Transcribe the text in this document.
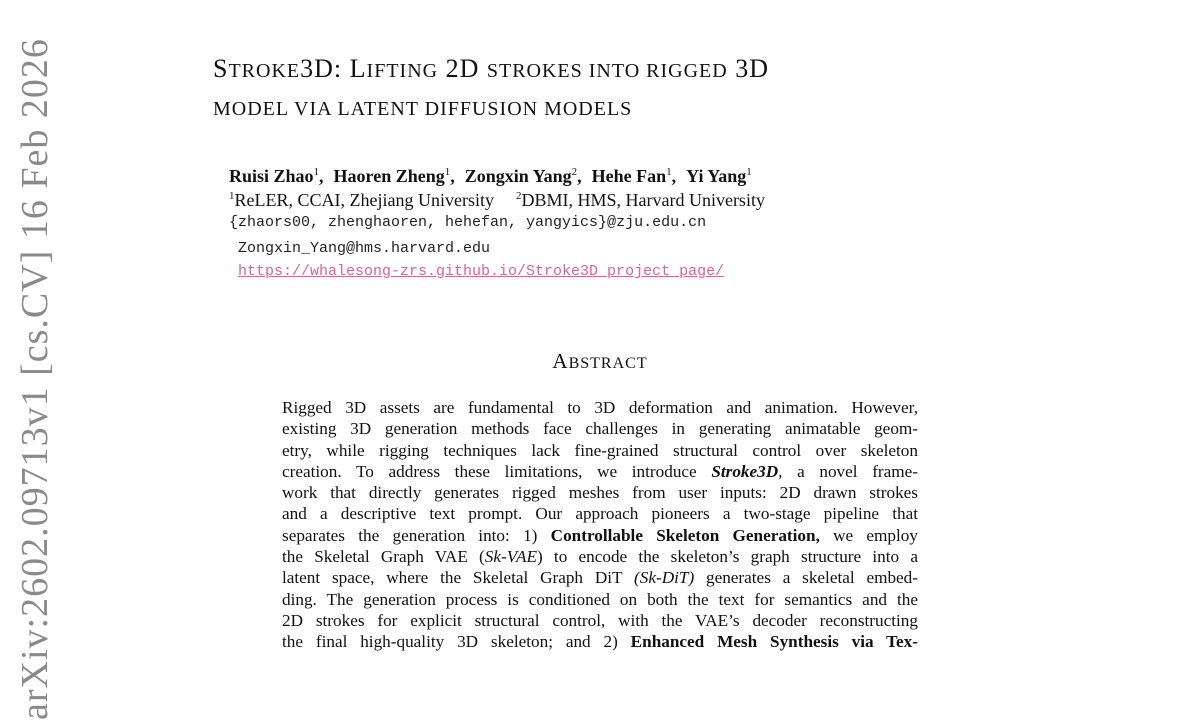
arXiv:2602.09713v1 [cs.CV] 16 Feb 2026	STROKE3D: LIFTING 2D STROKES INTO RIGGED 3D
MODEL VIA LATENT DIFFUSION MODELS
Ruisi Zhao$^1$, Haoren Zheng$^1$, Zongxin Yang$^2$, Hehe Fan$^1$, Yi Yang$^1$
$^1$ReLER, CCAI, Zhejiang University $^2$DBMI, HMS, Harvard University
{zhaors00, zhenghaoren, hehefan, yangyics}@zju.edu.cn
Zongxin_Yang@hms.harvard.edu
https://whalesong-zrs.github.io/Stroke3D_project_page/
ABSTRACT

Rigged 3D assets are fundamental to 3D deformation and animation. However,
existing 3D generation methods face challenges in generating animatable geom-
etry, while rigging techniques lack fine-grained structural control over skeleton
creation. To address these limitations, we introduce Stroke3D, a novel frame-
work that directly generates rigged meshes from user inputs: 2D drawn strokes
and a descriptive text prompt. Our approach pioneers a two-stage pipeline that
separates the generation into: 1) Controllable Skeleton Generation, we employ
the Skeletal Graph VAE (Sk-VAE) to encode the skeleton’s graph structure into a
latent space, where the Skeletal Graph DiT (Sk-DiT) generates a skeletal embed-
ding. The generation process is conditioned on both the text for semantics and the
2D strokes for explicit structural control, with the VAE’s decoder reconstructing
the final high-quality 3D skeleton; and 2) Enhanced Mesh Synthesis via Tex-
